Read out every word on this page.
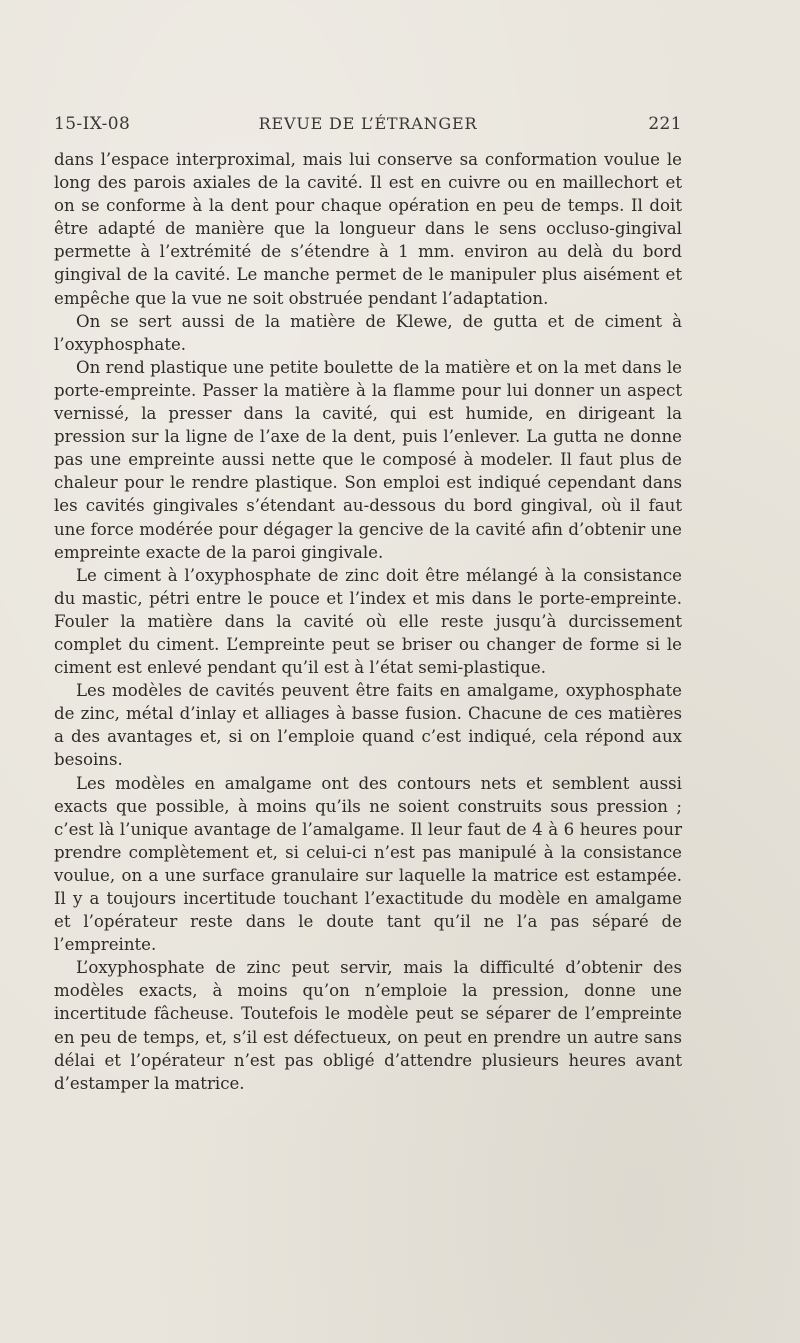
15-IX-08	REVUE DE L’ÉTRANGER	221

dans l’espace interproximal, mais lui conserve sa conformation voulue le long des parois axiales de la cavité. Il est en cuivre ou en maillechort et on se conforme à la dent pour chaque opération en peu de temps. Il doit être adapté de manière que la longueur dans le sens occluso-gingival permette à l’extrémité de s’étendre à 1 mm. environ au delà du bord gingival de la cavité. Le manche permet de le manipuler plus aisément et empêche que la vue ne soit obstruée pendant l’adaptation.

On se sert aussi de la matière de Klewe, de gutta et de ciment à l’oxyphosphate.

On rend plastique une petite boulette de la matière et on la met dans le porte-empreinte. Passer la matière à la flamme pour lui donner un aspect vernissé, la presser dans la cavité, qui est humide, en dirigeant la pression sur la ligne de l’axe de la dent, puis l’enlever. La gutta ne donne pas une empreinte aussi nette que le composé à modeler. Il faut plus de chaleur pour le rendre plastique. Son emploi est indiqué cependant dans les cavités gingivales s’étendant au-dessous du bord gingival, où il faut une force modérée pour dégager la gencive de la cavité afin d’obtenir une empreinte exacte de la paroi gingivale.

Le ciment à l’oxyphosphate de zinc doit être mélangé à la consistance du mastic, pétri entre le pouce et l’index et mis dans le porte-empreinte. Fouler la matière dans la cavité où elle reste jusqu’à durcissement complet du ciment. L’empreinte peut se briser ou changer de forme si le ciment est enlevé pendant qu’il est à l’état semi-plastique.

Les modèles de cavités peuvent être faits en amalgame, oxyphosphate de zinc, métal d’inlay et alliages à basse fusion. Chacune de ces matières a des avantages et, si on l’emploie quand c’est indiqué, cela répond aux besoins.

Les modèles en amalgame ont des contours nets et semblent aussi exacts que possible, à moins qu’ils ne soient construits sous pression ; c’est là l’unique avantage de l’amalgame. Il leur faut de 4 à 6 heures pour prendre complètement et, si celui-ci n’est pas manipulé à la consistance voulue, on a une surface granulaire sur laquelle la matrice est estampée. Il y a toujours incertitude touchant l’exactitude du modèle en amalgame et l’opérateur reste dans le doute tant qu’il ne l’a pas séparé de l’empreinte.

L’oxyphosphate de zinc peut servir, mais la difficulté d’obtenir des modèles exacts, à moins qu’on n’emploie la pression, donne une incertitude fâcheuse. Toutefois le modèle peut se séparer de l’empreinte en peu de temps, et, s’il est défectueux, on peut en prendre un autre sans délai et l’opérateur n’est pas obligé d’attendre plusieurs heures avant d’estamper la matrice.
